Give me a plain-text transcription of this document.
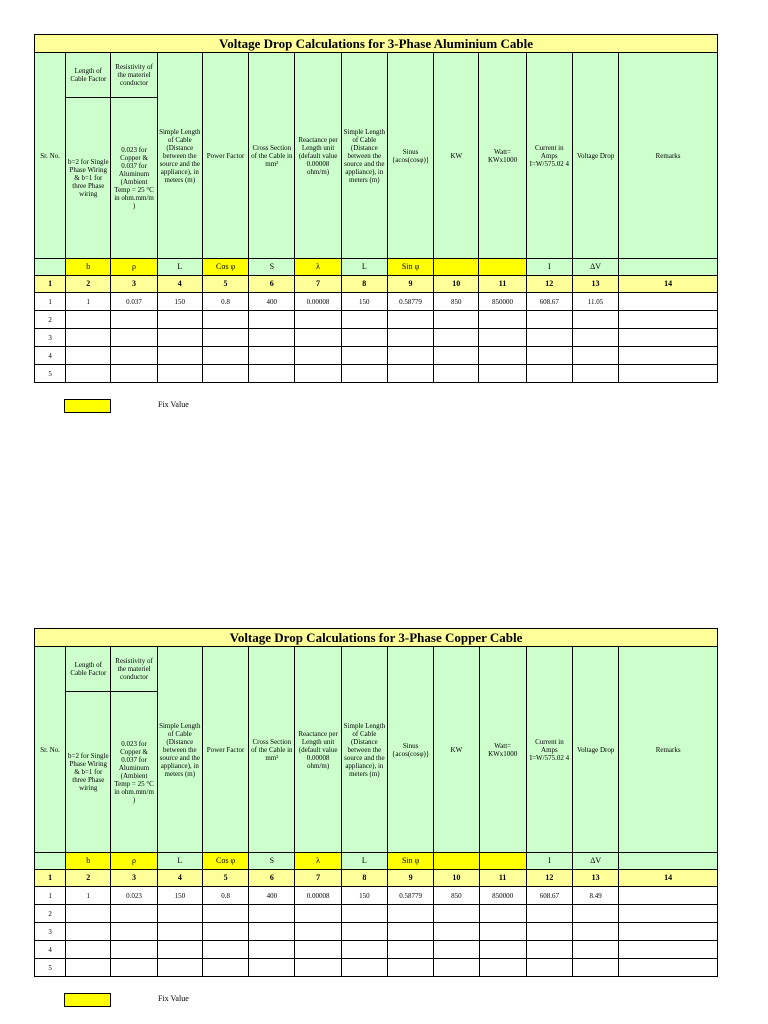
Voltage Drop Calculations for 3-Phase Aluminium Cable													
Sr. No.	Length of Cable Factor	Resistivity of the materiel conductor	Simple Length of Cable (Distance between the source and the appliance), in meters (m)	Power Factor	Cross Section of the Cable in mm²	Reactance per Length unit (default value 0.00008 ohm/m)	Simple Length of Cable (Distance between the source and the appliance), in meters (m)	Sinus {acos(cosφ)}	KW	Watt= KWx1000	Current in Amps I=W/575.02 4	Voltage Drop	Remarks
	b=2 for Single Phase Wiring & b=1 for three Phase wiring	0.023 for Copper & 0.037 for Aluminum (Ambient Temp = 25 °C in ohm.mm/m )											
	b	ρ	L	Cos φ	S	λ	L	Sin φ			I	ΔV	
1	2	3	4	5	6	7	8	9	10	11	12	13	14
1	1	0.037	150	0.8	400	0.00008	150	0.58779	850	850000	608.67	11.05	
2													
3													
4													
5													
Fix Value
Voltage Drop Calculations for 3-Phase Copper Cable													
Sr. No.	Length of Cable Factor	Resistivity of the materiel conductor	Simple Length of Cable (Distance between the source and the appliance), in meters (m)	Power Factor	Cross Section of the Cable in mm²	Reactance per Length unit (default value 0.00008 ohm/m)	Simple Length of Cable (Distance between the source and the appliance), in meters (m)	Sinus {acos(cosφ)}	KW	Watt= KWx1000	Current in Amps I=W/575.02 4	Voltage Drop	Remarks
	b=2 for Single Phase Wiring & b=1 for three Phase wiring	0.023 for Copper & 0.037 for Aluminum (Ambient Temp = 25 °C in ohm.mm/m )											
	b	ρ	L	Cos φ	S	λ	L	Sin φ			I	ΔV	
1	2	3	4	5	6	7	8	9	10	11	12	13	14
1	1	0.023	150	0.8	400	0.00008	150	0.58779	850	850000	608.67	8.49	
2													
3													
4													
5													
Fix Value
